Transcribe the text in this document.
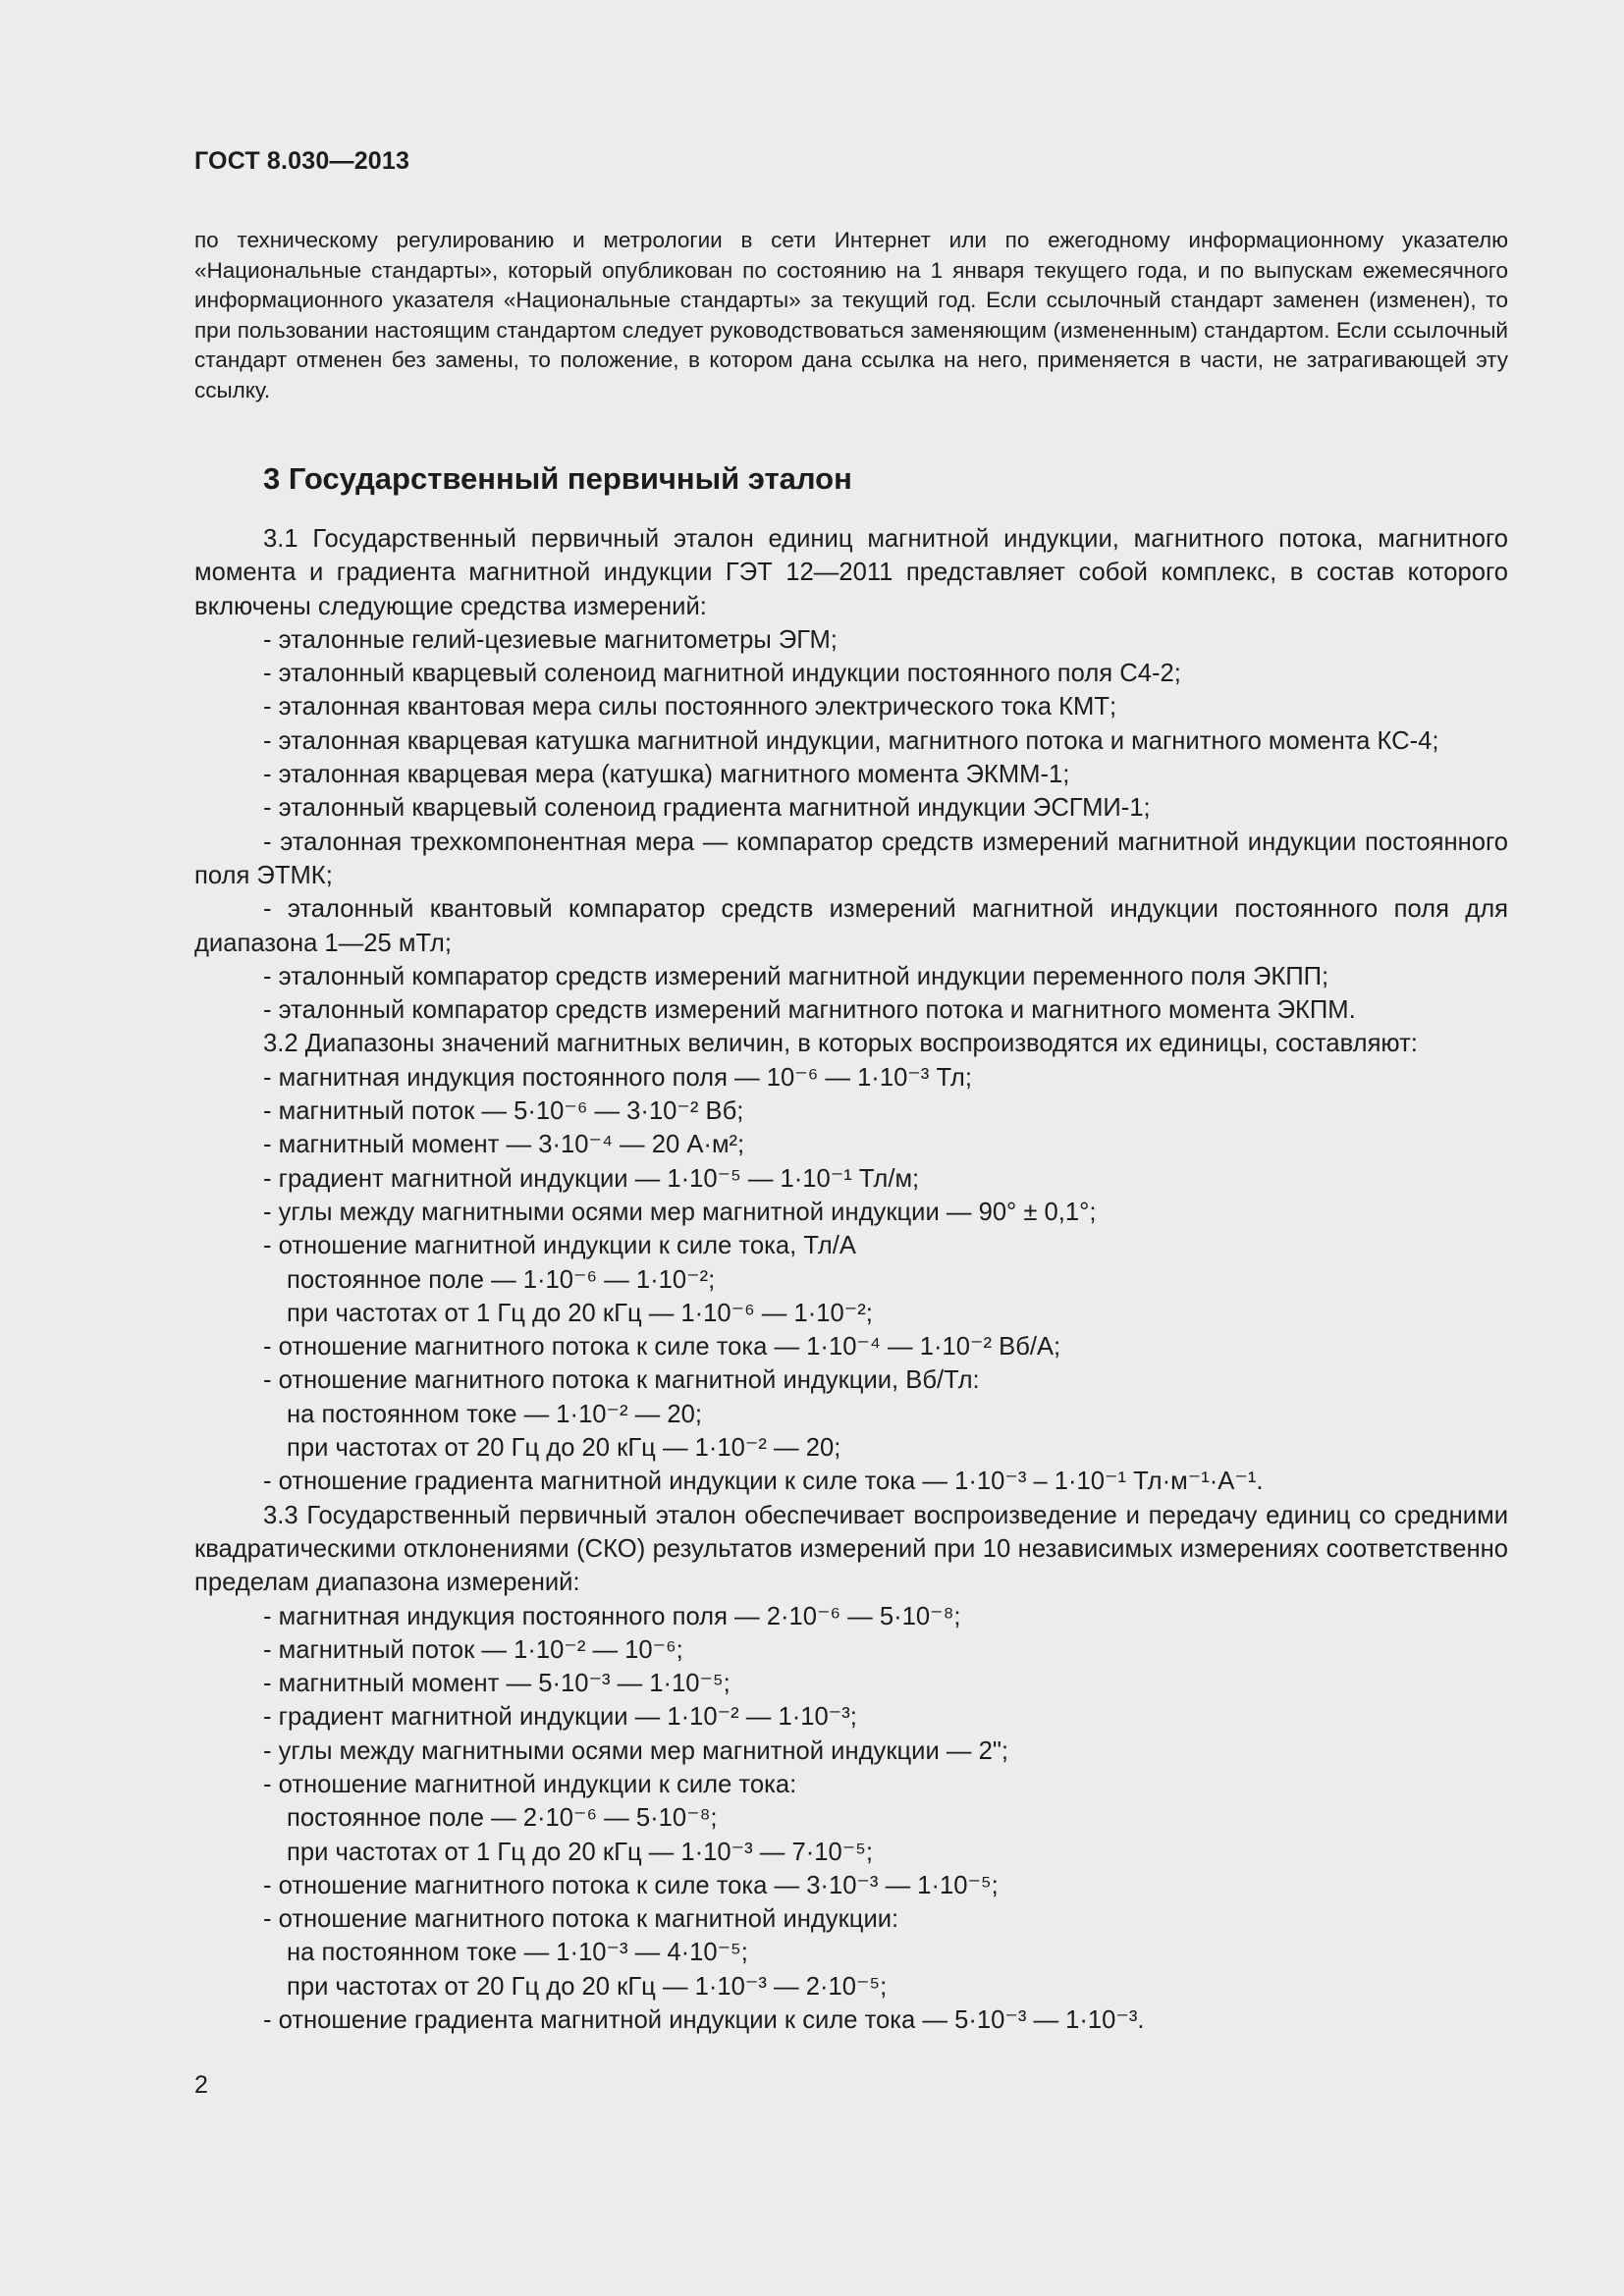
ГОСТ 8.030—2013

по техническому регулированию и метрологии в сети Интернет или по ежегодному информационному указателю «Национальные стандарты», который опубликован по состоянию на 1 января текущего года, и по выпускам ежемесячного информационного указателя «Национальные стандарты» за текущий год. Если ссылочный стандарт заменен (изменен), то при пользовании настоящим стандартом следует руководствоваться заменяющим (измененным) стандартом. Если ссылочный стандарт отменен без замены, то положение, в котором дана ссылка на него, применяется в части, не затрагивающей эту ссылку.

3 Государственный первичный эталон

3.1 Государственный первичный эталон единиц магнитной индукции, магнитного потока, магнитного момента и градиента магнитной индукции ГЭТ 12—2011 представляет собой комплекс, в состав которого включены следующие средства измерений:

- эталонные гелий-цезиевые магнитометры ЭГМ;

- эталонный кварцевый соленоид магнитной индукции постоянного поля С4-2;

- эталонная квантовая мера силы постоянного электрического тока КМТ;

- эталонная кварцевая катушка магнитной индукции, магнитного потока и магнитного момента КС-4;

- эталонная кварцевая мера (катушка) магнитного момента ЭКММ-1;

- эталонный кварцевый соленоид градиента магнитной индукции ЭСГМИ-1;

- эталонная трехкомпонентная мера — компаратор средств измерений магнитной индукции постоянного поля ЭТМК;

- эталонный квантовый компаратор средств измерений магнитной индукции постоянного поля для диапазона 1—25 мТл;

- эталонный компаратор средств измерений магнитной индукции переменного поля ЭКПП;

- эталонный компаратор средств измерений магнитного потока и магнитного момента ЭКПМ.

3.2 Диапазоны значений магнитных величин, в которых воспроизводятся их единицы, составляют:

- магнитная индукция постоянного поля — 10⁻⁶ — 1·10⁻³ Тл;

- магнитный поток — 5·10⁻⁶ — 3·10⁻² Вб;

- магнитный момент — 3·10⁻⁴ — 20 А·м²;

- градиент магнитной индукции — 1·10⁻⁵ — 1·10⁻¹ Тл/м;

- углы между магнитными осями мер магнитной индукции — 90° ± 0,1°;

- отношение магнитной индукции к силе тока, Тл/А

постоянное поле — 1·10⁻⁶ — 1·10⁻²;

при частотах от 1 Гц до 20 кГц — 1·10⁻⁶ — 1·10⁻²;

- отношение магнитного потока к силе тока — 1·10⁻⁴ — 1·10⁻² Вб/А;

- отношение магнитного потока к магнитной индукции, Вб/Тл:

на постоянном токе — 1·10⁻² — 20;

при частотах от 20 Гц до 20 кГц — 1·10⁻² — 20;

- отношение градиента магнитной индукции к силе тока — 1·10⁻³ – 1·10⁻¹ Тл·м⁻¹·А⁻¹.

3.3 Государственный первичный эталон обеспечивает воспроизведение и передачу единиц со средними квадратическими отклонениями (СКО) результатов измерений при 10 независимых измерениях соответственно пределам диапазона измерений:

- магнитная индукция постоянного поля — 2·10⁻⁶ — 5·10⁻⁸;

- магнитный поток — 1·10⁻² — 10⁻⁶;

- магнитный момент — 5·10⁻³ — 1·10⁻⁵;

- градиент магнитной индукции — 1·10⁻² — 1·10⁻³;

- углы между магнитными осями мер магнитной индукции — 2";

- отношение магнитной индукции к силе тока:

постоянное поле — 2·10⁻⁶ — 5·10⁻⁸;

при частотах от 1 Гц до 20 кГц — 1·10⁻³ — 7·10⁻⁵;

- отношение магнитного потока к силе тока — 3·10⁻³ — 1·10⁻⁵;

- отношение магнитного потока к магнитной индукции:

на постоянном токе — 1·10⁻³ — 4·10⁻⁵;

при частотах от 20 Гц до 20 кГц — 1·10⁻³ — 2·10⁻⁵;

- отношение градиента магнитной индукции к силе тока — 5·10⁻³ — 1·10⁻³.

2
